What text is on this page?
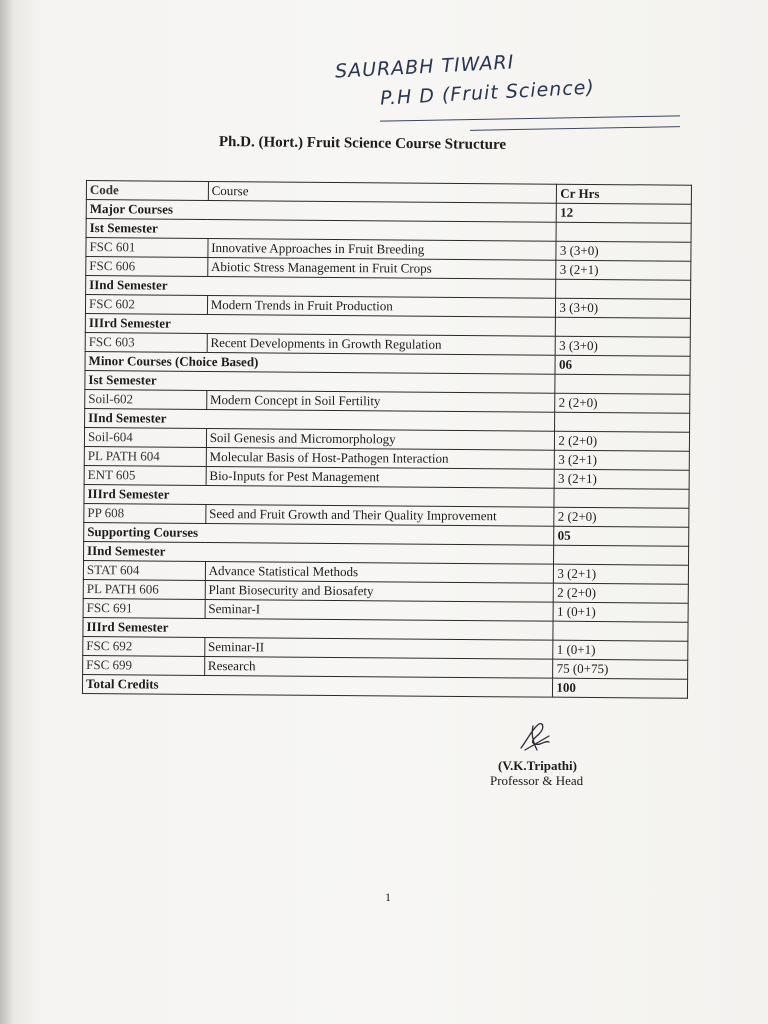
SAURABH TIWARI
P.H D (Fruit Science)
Ph.D. (Hort.) Fruit Science Course Structure
Code	Course	Cr Hrs
Major Courses		12
Ist Semester		
FSC 601	Innovative Approaches in Fruit Breeding	3 (3+0)
FSC 606	Abiotic Stress Management in Fruit Crops	3 (2+1)
IInd Semester		
FSC 602	Modern Trends in Fruit Production	3 (3+0)
IIIrd Semester		
FSC 603	Recent Developments in Growth Regulation	3 (3+0)
Minor Courses (Choice Based)		06
Ist Semester		
Soil-602	Modern Concept in Soil Fertility	2 (2+0)
IInd Semester		
Soil-604	Soil Genesis and Micromorphology	2 (2+0)
PL PATH 604	Molecular Basis of Host-Pathogen Interaction	3 (2+1)
ENT 605	Bio-Inputs for Pest Management	3 (2+1)
IIIrd Semester		
PP 608	Seed and Fruit Growth and Their Quality Improvement	2 (2+0)
Supporting Courses		05
IInd Semester		
STAT 604	Advance Statistical Methods	3 (2+1)
PL PATH 606	Plant Biosecurity and Biosafety	2 (2+0)
FSC 691	Seminar-I	1 (0+1)
IIIrd Semester		
FSC 692	Seminar-II	1 (0+1)
FSC 699	Research	75 (0+75)
Total Credits		100
(V.K.Tripathi)
Professor & Head
1
